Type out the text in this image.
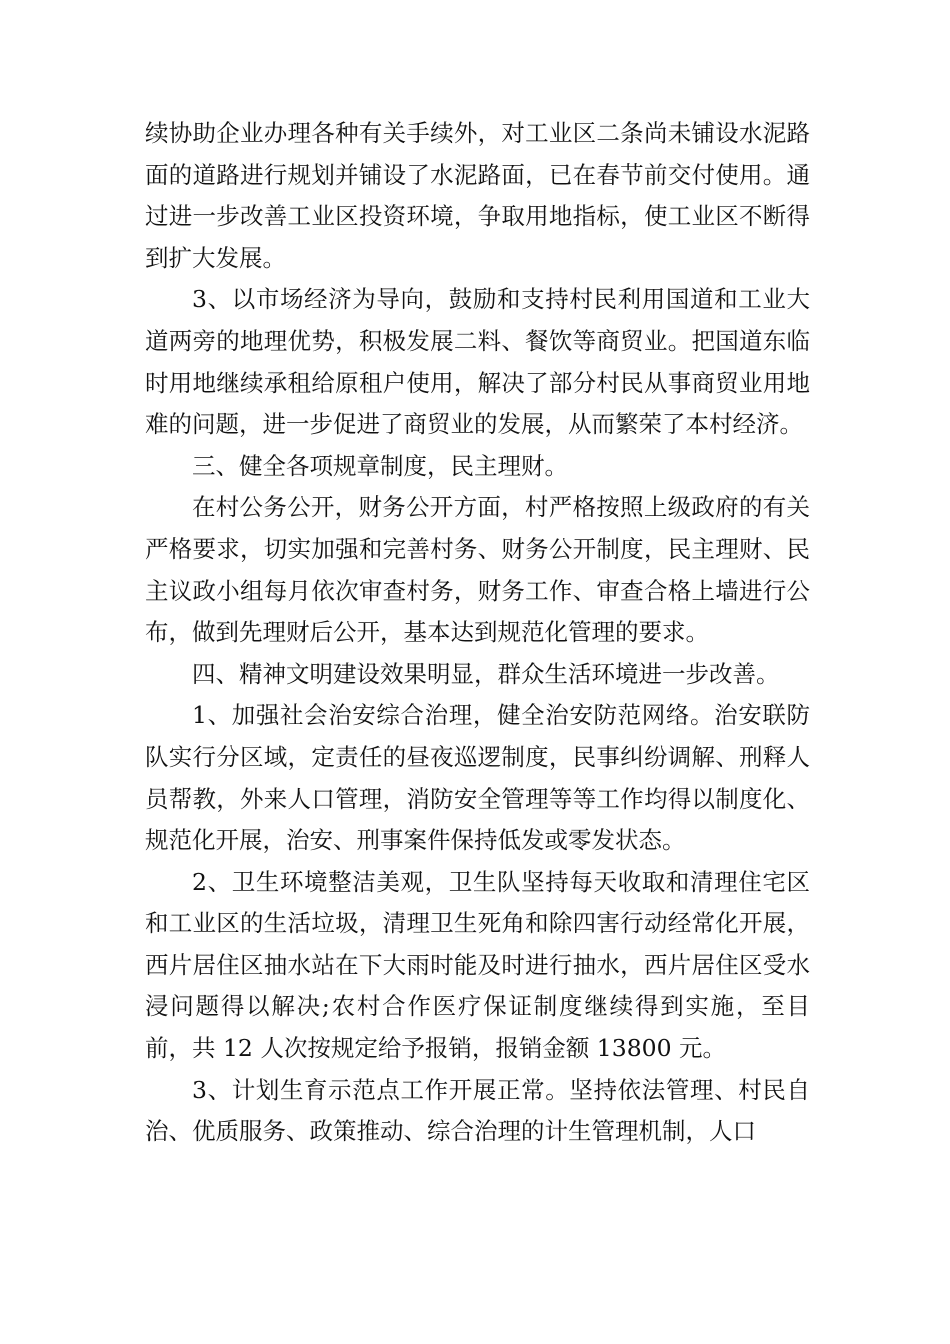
续协助企业办理各种有关手续外，对工业区二条尚未铺设水泥路面的道路进行规划并铺设了水泥路面，已在春节前交付使用。通过进一步改善工业区投资环境，争取用地指标，使工业区不断得到扩大发展。

3、以市场经济为导向，鼓励和支持村民利用国道和工业大道两旁的地理优势，积极发展二料、餐饮等商贸业。把国道东临时用地继续承租给原租户使用，解决了部分村民从事商贸业用地难的问题，进一步促进了商贸业的发展，从而繁荣了本村经济。

三、健全各项规章制度，民主理财。

在村公务公开，财务公开方面，村严格按照上级政府的有关严格要求，切实加强和完善村务、财务公开制度，民主理财、民主议政小组每月依次审查村务，财务工作、审查合格上墙进行公布，做到先理财后公开，基本达到规范化管理的要求。

四、精神文明建设效果明显，群众生活环境进一步改善。

1、加强社会治安综合治理，健全治安防范网络。治安联防队实行分区域，定责任的昼夜巡逻制度，民事纠纷调解、刑释人员帮教，外来人口管理，消防安全管理等等工作均得以制度化、规范化开展，治安、刑事案件保持低发或零发状态。

2、卫生环境整洁美观，卫生队坚持每天收取和清理住宅区和工业区的生活垃圾，清理卫生死角和除四害行动经常化开展，西片居住区抽水站在下大雨时能及时进行抽水，西片居住区受水浸问题得以解决;农村合作医疗保证制度继续得到实施，至目前，共 12 人次按规定给予报销，报销金额 13800 元。

3、计划生育示范点工作开展正常。坚持依法管理、村民自治、优质服务、政策推动、综合治理的计生管理机制，人口
